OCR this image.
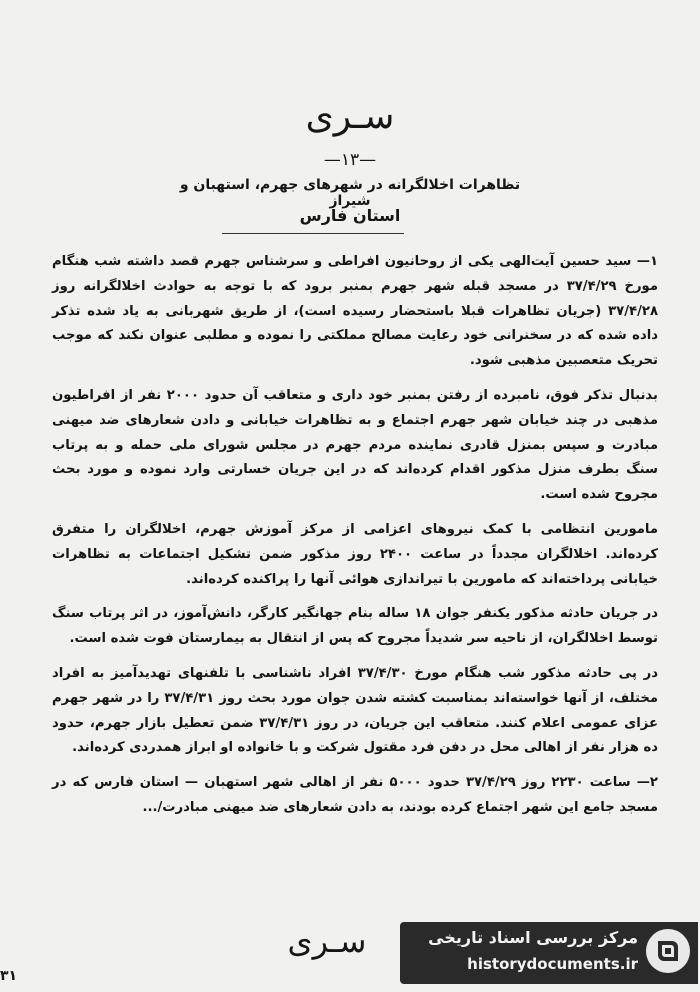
سـری
—۱۳—
تظاهرات اخلالگرانه در شهرهای جهرم، استهبان و شیراز
استان فارس

۱— سید حسین آیت‌الهی یکی از روحانیون افراطی و سرشناس جهرم قصد داشته شب هنگام مورخ ۳۷/۴/۲۹ در مسجد قبله شهر جهرم بمنبر برود که با توجه به حوادث اخلالگرانه روز ۳۷/۴/۲۸ (جریان تظاهرات قبلا باستحضار رسیده است)، از طریق شهربانی به یاد شده تذکر داده شده که در سخنرانی خود رعایت مصالح مملکتی را نموده و مطلبی عنوان نکند که موجب تحریک متعصبین مذهبی شود.

بدنبال تذکر فوق، نامبرده از رفتن بمنبر خود داری و متعاقب آن حدود ۲۰۰۰ نفر از افراطیون مذهبی در چند خیابان شهر جهرم اجتماع و به تظاهرات خیابانی و دادن شعارهای ضد میهنی مبادرت و سپس بمنزل قادری نماینده مردم جهرم در مجلس شورای ملی حمله و به پرتاب سنگ بطرف منزل مذکور اقدام کرده‌اند که در این جریان خسارتی وارد نموده و مورد بحث مجروح شده است.

مامورین انتظامی با کمک نیروهای اعزامی از مرکز آموزش جهرم، اخلالگران را متفرق کرده‌اند. اخلالگران مجدداً در ساعت ۲۴۰۰ روز مذکور ضمن تشکیل اجتماعات به تظاهرات خیابانی پرداخته‌اند که مامورین با تیراندازی هوائی آنها را پراکنده کرده‌اند.

در جریان حادثه مذکور یکنفر جوان ۱۸ ساله بنام جهانگیر کارگر، دانش‌آموز، در اثر پرتاب سنگ توسط اخلالگران، از ناحیه سر شدیداً مجروح که پس از انتقال به بیمارستان فوت شده است.

در پی حادثه مذکور شب هنگام مورخ ۳۷/۴/۳۰ افراد ناشناسی با تلفنهای تهدیدآمیز به افراد مختلف، از آنها خواسته‌اند بمناسبت کشته شدن جوان مورد بحث روز ۳۷/۴/۳۱ را در شهر جهرم عزای عمومی اعلام کنند. متعاقب این جریان، در روز ۳۷/۴/۳۱ ضمن تعطیل بازار جهرم، حدود ده هزار نفر از اهالی محل در دفن فرد مقتول شرکت و با خانواده او ابراز همدردی کرده‌اند.

۲— ساعت ۲۲۳۰ روز ۳۷/۴/۲۹ حدود ۵۰۰۰ نفر از اهالی شهر استهبان — استان فارس که در مسجد جامع این شهر اجتماع کرده بودند، به دادن شعارهای ضد میهنی مبادرت/...

سـری
۳۱
مرکز بررسی اسناد تاریخی
historydocuments.ir
